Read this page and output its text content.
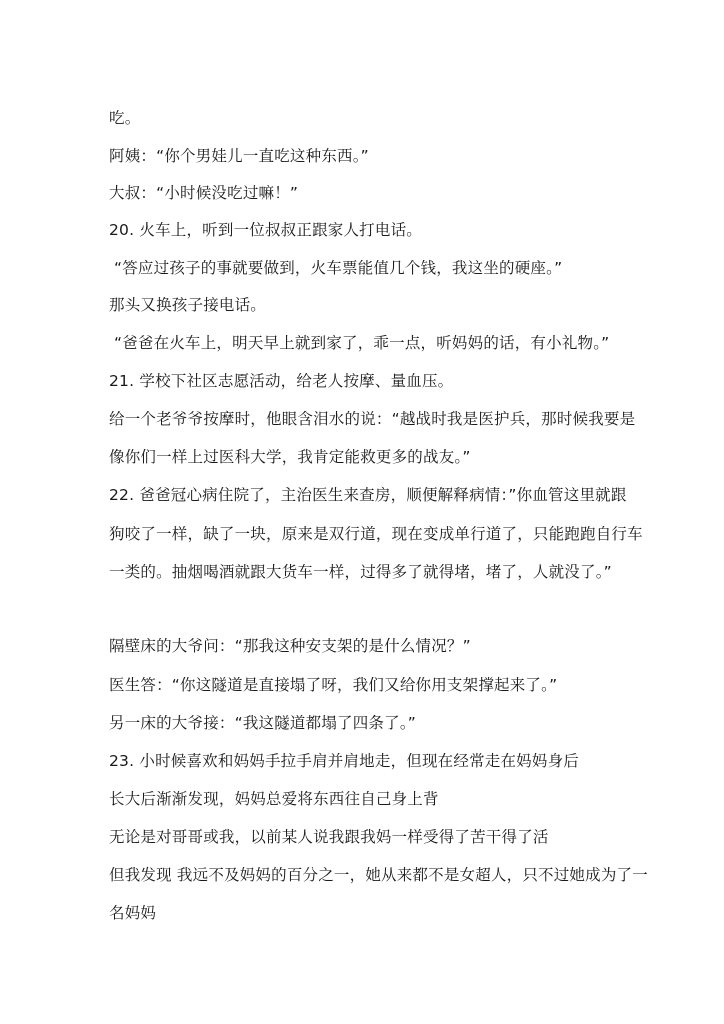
吃。
阿姨：“你个男娃儿一直吃这种东西。”
大叔：“小时候没吃过嘛！”
20. 火车上，听到一位叔叔正跟家人打电话。
“答应过孩子的事就要做到，火车票能值几个钱，我这坐的硬座。”
那头又换孩子接电话。
“爸爸在火车上，明天早上就到家了，乖一点，听妈妈的话，有小礼物。”
21. 学校下社区志愿活动，给老人按摩、量血压。
给一个老爷爷按摩时，他眼含泪水的说：“越战时我是医护兵，那时候我要是
像你们一样上过医科大学，我肯定能救更多的战友。”
22. 爸爸冠心病住院了，主治医生来查房，顺便解释病情：”你血管这里就跟
狗咬了一样，缺了一块，原来是双行道，现在变成单行道了，只能跑跑自行车
一类的。抽烟喝酒就跟大货车一样，过得多了就得堵，堵了，人就没了。”
隔壁床的大爷问：“那我这种安支架的是什么情况？”
医生答：“你这隧道是直接塌了呀，我们又给你用支架撑起来了。”
另一床的大爷接：“我这隧道都塌了四条了。”
23. 小时候喜欢和妈妈手拉手肩并肩地走，但现在经常走在妈妈身后
长大后渐渐发现，妈妈总爱将东西往自己身上背
无论是对哥哥或我，以前某人说我跟我妈一样受得了苦干得了活
但我发现 我远不及妈妈的百分之一，她从来都不是女超人，只不过她成为了一
名妈妈
